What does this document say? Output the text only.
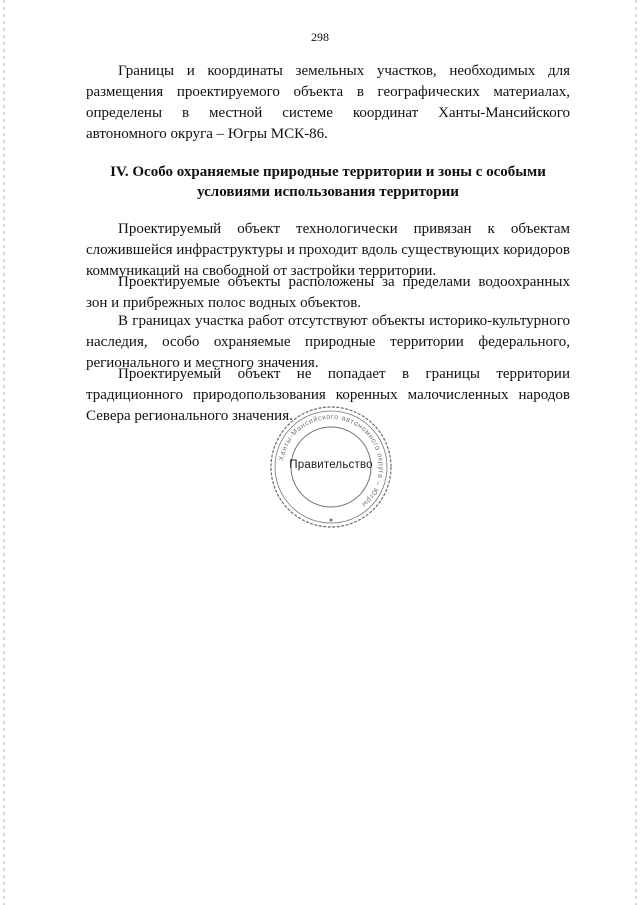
298

Границы и координаты земельных участков, необходимых для размещения проектируемого объекта в географических материалах, определены в местной системе координат Ханты-Мансийского автономного округа – Югры МСК-86.

IV. Особо охраняемые природные территории и зоны с особыми
условиями использования территории

Проектируемый объект технологически привязан к объектам сложившейся инфраструктуры и проходит вдоль существующих коридоров коммуникаций на свободной от застройки территории.

Проектируемые объекты расположены за пределами водоохранных зон и прибрежных полос водных объектов.

В границах участка работ отсутствуют объекты историко-культурного наследия, особо охраняемые природные территории федерального, регионального и местного значения.

Проектируемый объект не попадает в границы территории традиционного природопользования коренных малочисленных народов Севера регионального значения.

Ханты-Мансийского автономного округа – Югры
Правительство
